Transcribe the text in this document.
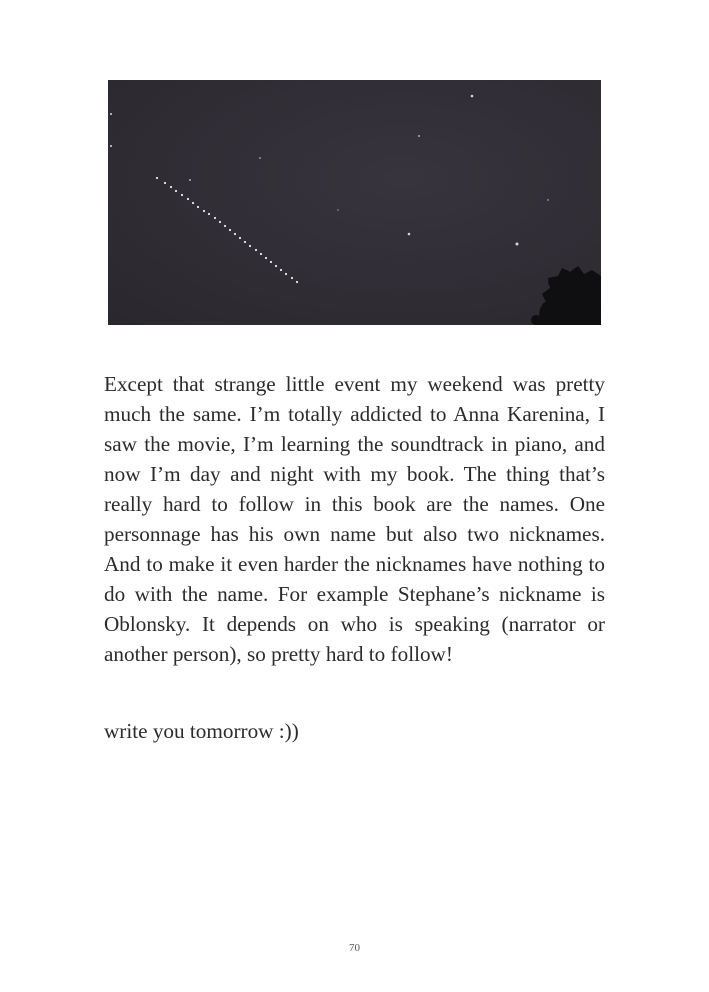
Except that strange little event my weekend was pretty much the same. I’m totally addicted to Anna Karenina, I saw the movie, I’m learning the soundtrack in piano, and now I’m day and night with my book. The thing that’s really hard to follow in this book are the names. One personnage has his own name but also two nicknames. And to make it even harder the nicknames have nothing to do with the name. For example Stephane’s nickname is Oblonsky. It depends on who is speaking (narrator or another person), so pretty hard to follow!

write you tomorrow :))

70
